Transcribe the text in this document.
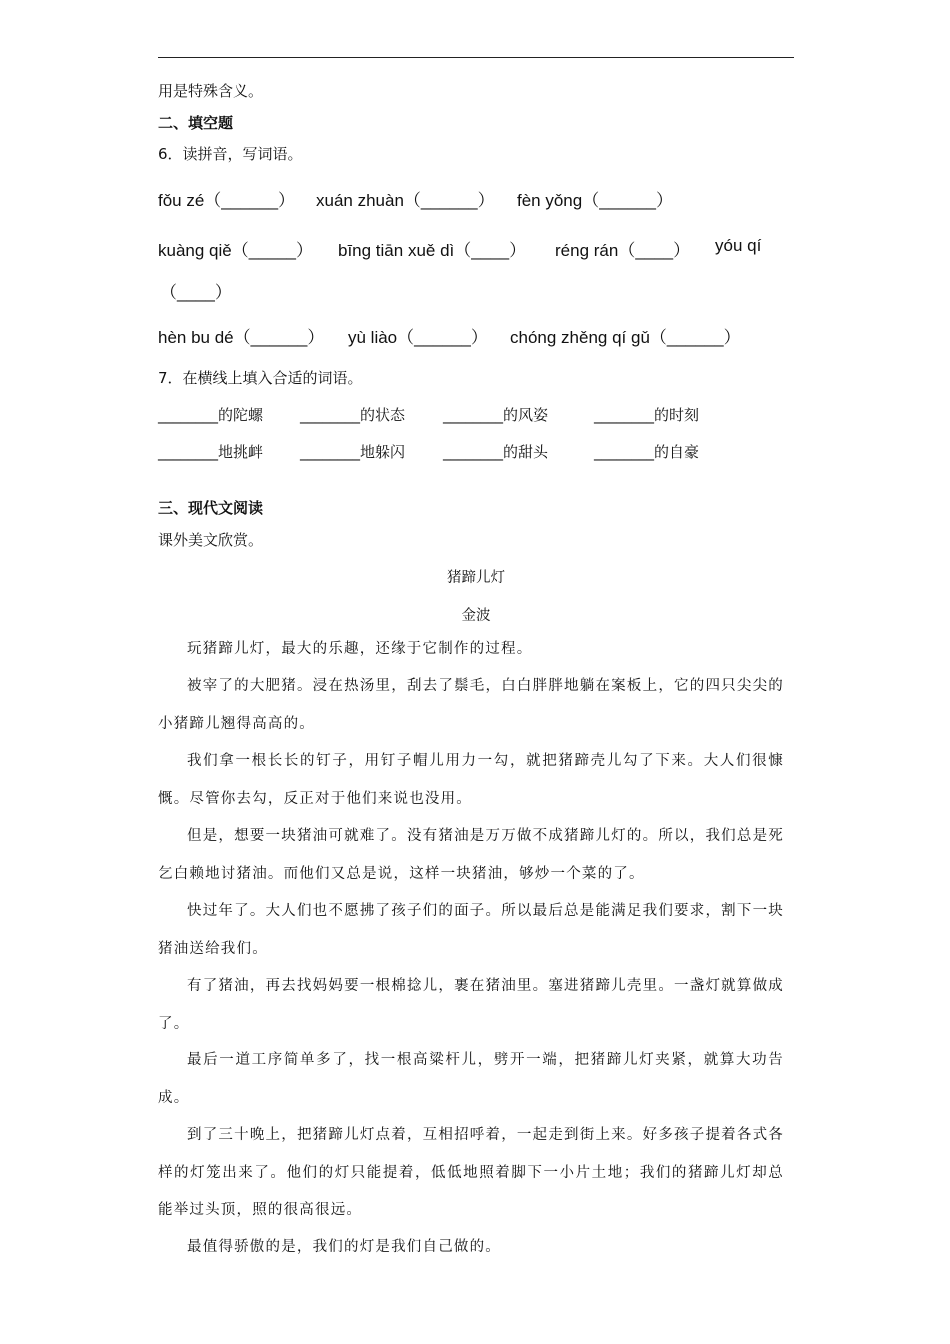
用是特殊含义。
二、填空题
6．读拼音，写词语。
fǒu zé（______） xuán zhuàn（______） fèn yǒng（______）
kuàng qiě（_____） bīng tiān xuě dì（____） réng rán（____） yóu qí
（____）
hèn bu dé（______） yù liào（______） chóng zhěng qí gǔ（______）
7．在横线上填入合适的词语。
________的陀螺 ________的状态	________的风姿	________的时刻
________地挑衅 ________地躲闪	________的甜头	________的自豪
三、现代文阅读
课外美文欣赏。
猪蹄儿灯
金波

玩猪蹄儿灯，最大的乐趣，还缘于它制作的过程。

被宰了的大肥猪。浸在热汤里，刮去了鬃毛，白白胖胖地躺在案板上，它的四只尖尖的小猪蹄儿翘得高高的。

我们拿一根长长的钉子，用钉子帽儿用力一勾，就把猪蹄壳儿勾了下来。大人们很慷慨。尽管你去勾，反正对于他们来说也没用。

但是，想要一块猪油可就难了。没有猪油是万万做不成猪蹄儿灯的。所以，我们总是死乞白赖地讨猪油。而他们又总是说，这样一块猪油，够炒一个菜的了。

快过年了。大人们也不愿拂了孩子们的面子。所以最后总是能满足我们要求，割下一块猪油送给我们。

有了猪油，再去找妈妈要一根棉捻儿，裹在猪油里。塞进猪蹄儿壳里。一盏灯就算做成了。

最后一道工序简单多了，找一根高粱杆儿，劈开一端，把猪蹄儿灯夹紧，就算大功告成。

到了三十晚上，把猪蹄儿灯点着，互相招呼着，一起走到街上来。好多孩子提着各式各样的灯笼出来了。他们的灯只能提着，低低地照着脚下一小片土地；我们的猪蹄儿灯却总能举过头顶，照的很高很远。

最值得骄傲的是，我们的灯是我们自己做的。
